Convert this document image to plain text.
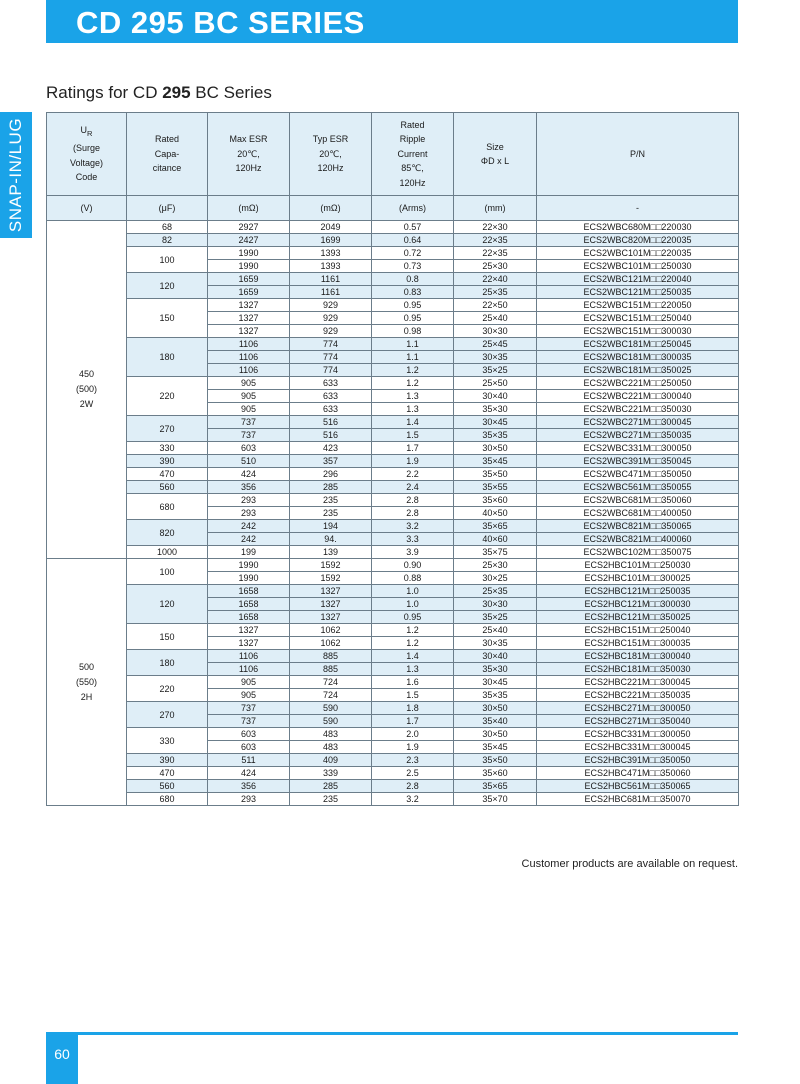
CD 295 BC SERIES
SNAP-IN/LUG
Ratings for CD 295 BC Series
$U_R$
(Surge
Voltage)
Code	Rated
Capa-
citance	Max ESR
20℃,
120Hz	Typ ESR
20℃,
120Hz	Rated
Ripple
Current
85℃,
120Hz	Size
ΦD x L	P/N
(V)	(μF)	(mΩ)	(mΩ)	(Arms)	(mm)	-

450
(500)
2W	68	2927	2049	0.57	22×30	ECS2WBC680M□□220030
	82	2427	1699	0.64	22×35	ECS2WBC820M□□220035
	100	1990	1393	0.72	22×35	ECS2WBC101M□□220035
		1990	1393	0.73	25×30	ECS2WBC101M□□250030
	120	1659	1161	0.8	22×40	ECS2WBC121M□□220040
		1659	1161	0.83	25×35	ECS2WBC121M□□250035
	150	1327	929	0.95	22×50	ECS2WBC151M□□220050
		1327	929	0.95	25×40	ECS2WBC151M□□250040
		1327	929	0.98	30×30	ECS2WBC151M□□300030
	180	1106	774	1.1	25×45	ECS2WBC181M□□250045
		1106	774	1.1	30×35	ECS2WBC181M□□300035
		1106	774	1.2	35×25	ECS2WBC181M□□350025
	220	905	633	1.2	25×50	ECS2WBC221M□□250050
		905	633	1.3	30×40	ECS2WBC221M□□300040
		905	633	1.3	35×30	ECS2WBC221M□□350030
	270	737	516	1.4	30×45	ECS2WBC271M□□300045
		737	516	1.5	35×35	ECS2WBC271M□□350035
	330	603	423	1.7	30×50	ECS2WBC331M□□300050
	390	510	357	1.9	35×45	ECS2WBC391M□□350045
	470	424	296	2.2	35×50	ECS2WBC471M□□350050
	560	356	285	2.4	35×55	ECS2WBC561M□□350055
	680	293	235	2.8	35×60	ECS2WBC681M□□350060
		293	235	2.8	40×50	ECS2WBC681M□□400050
	820	242	194	3.2	35×65	ECS2WBC821M□□350065
		242	94.	3.3	40×60	ECS2WBC821M□□400060
	1000	199	139	3.9	35×75	ECS2WBC102M□□350075

500
(550)
2H	100	1990	1592	0.90	25×30	ECS2HBC101M□□250030
		1990	1592	0.88	30×25	ECS2HBC101M□□300025
	120	1658	1327	1.0	25×35	ECS2HBC121M□□250035
		1658	1327	1.0	30×30	ECS2HBC121M□□300030
		1658	1327	0.95	35×25	ECS2HBC121M□□350025
	150	1327	1062	1.2	25×40	ECS2HBC151M□□250040
		1327	1062	1.2	30×35	ECS2HBC151M□□300035
	180	1106	885	1.4	30×40	ECS2HBC181M□□300040
		1106	885	1.3	35×30	ECS2HBC181M□□350030
	220	905	724	1.6	30×45	ECS2HBC221M□□300045
		905	724	1.5	35×35	ECS2HBC221M□□350035
	270	737	590	1.8	30×50	ECS2HBC271M□□300050
		737	590	1.7	35×40	ECS2HBC271M□□350040
	330	603	483	2.0	30×50	ECS2HBC331M□□300050
		603	483	1.9	35×45	ECS2HBC331M□□300045
	390	511	409	2.3	35×50	ECS2HBC391M□□350050
	470	424	339	2.5	35×60	ECS2HBC471M□□350060
	560	356	285	2.8	35×65	ECS2HBC561M□□350065
	680	293	235	3.2	35×70	ECS2HBC681M□□350070
Customer products are available on request.
60
